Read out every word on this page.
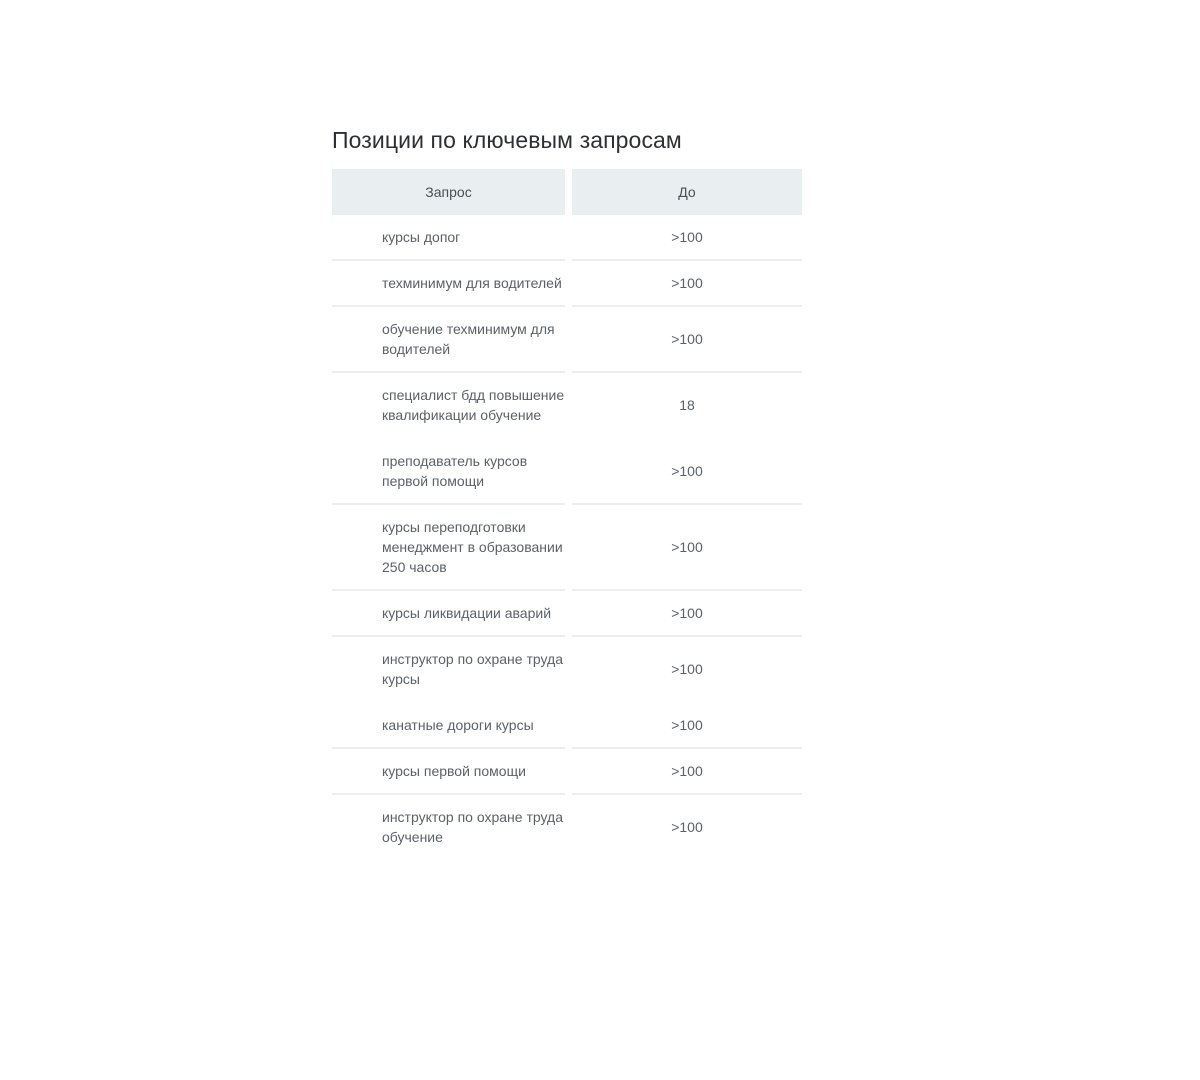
Позиции по ключевым запросам
Запрос		До
курсы допог		>100
техминимум для водителей		>100
обучение техминимум для водителей		>100
специалист бдд повышение квалификации обучение		18
преподаватель курсов первой помощи		>100
курсы переподготовки менеджмент в образовании 250 часов		>100
курсы ликвидации аварий		>100
инструктор по охране труда курсы		>100
канатные дороги курсы		>100
курсы первой помощи		>100
инструктор по охране труда обучение		>100
